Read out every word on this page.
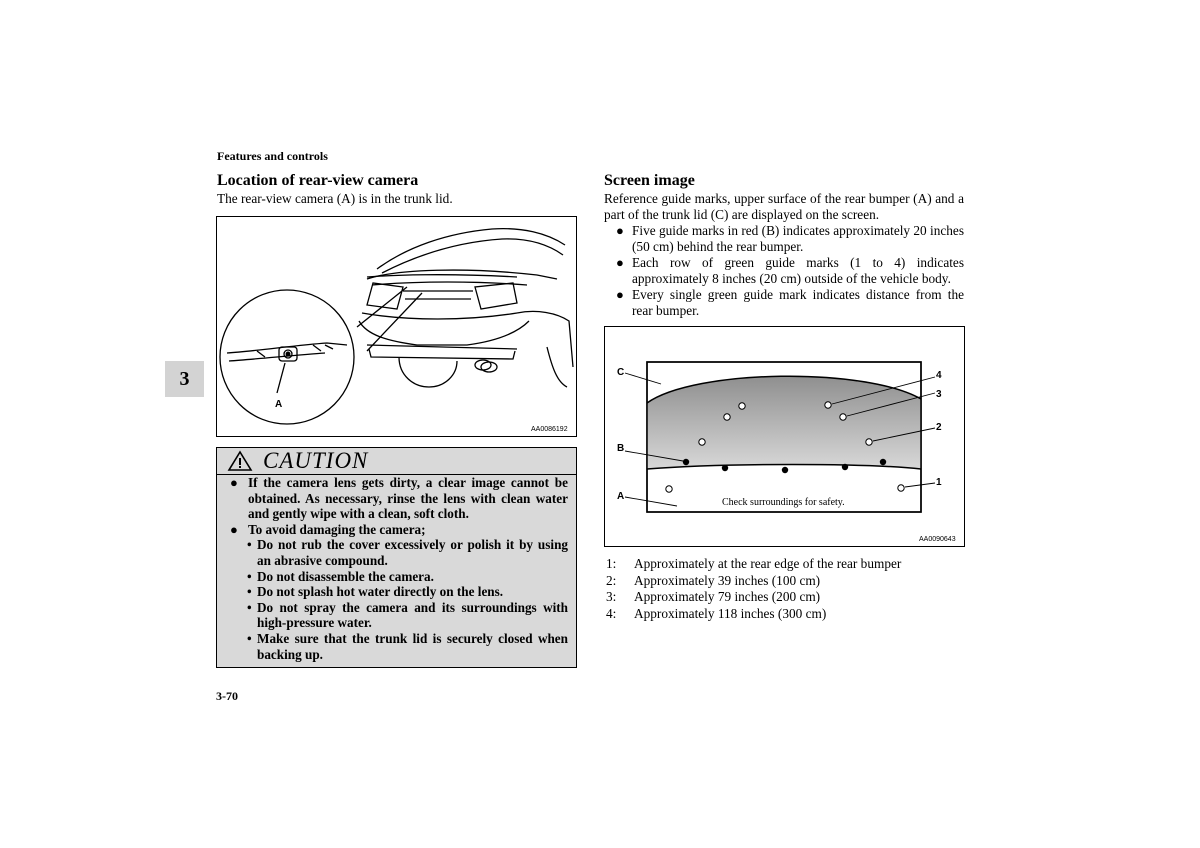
Features and controls
3
Location of rear-view camera
The rear-view camera (A) is in the trunk lid.
A
AA0086192
CAUTION
● If the camera lens gets dirty, a clear image cannot be obtained. As necessary, rinse the lens with clean water and gently wipe with a clean, soft cloth.
● To avoid damaging the camera;
• Do not rub the cover excessively or polish it by using an abrasive compound.
• Do not disassemble the camera.
• Do not splash hot water directly on the lens.
• Do not spray the camera and its surroundings with high-pressure water.
• Make sure that the trunk lid is securely closed when backing up.
Screen image
Reference guide marks, upper surface of the rear bumper (A) and a part of the trunk lid (C) are displayed on the screen.
● Five guide marks in red (B) indicates approximately 20 inches (50 cm) behind the rear bumper.
● Each row of green guide marks (1 to 4) indicates approximately 8 inches (20 cm) outside of the vehicle body.
● Every single green guide mark indicates distance from the rear bumper.
C
B
A
4
3
2
1
Check surroundings for safety.
AA0090643
1: Approximately at the rear edge of the rear bumper
2: Approximately 39 inches (100 cm)
3: Approximately 79 inches (200 cm)
4: Approximately 118 inches (300 cm)
3-70
